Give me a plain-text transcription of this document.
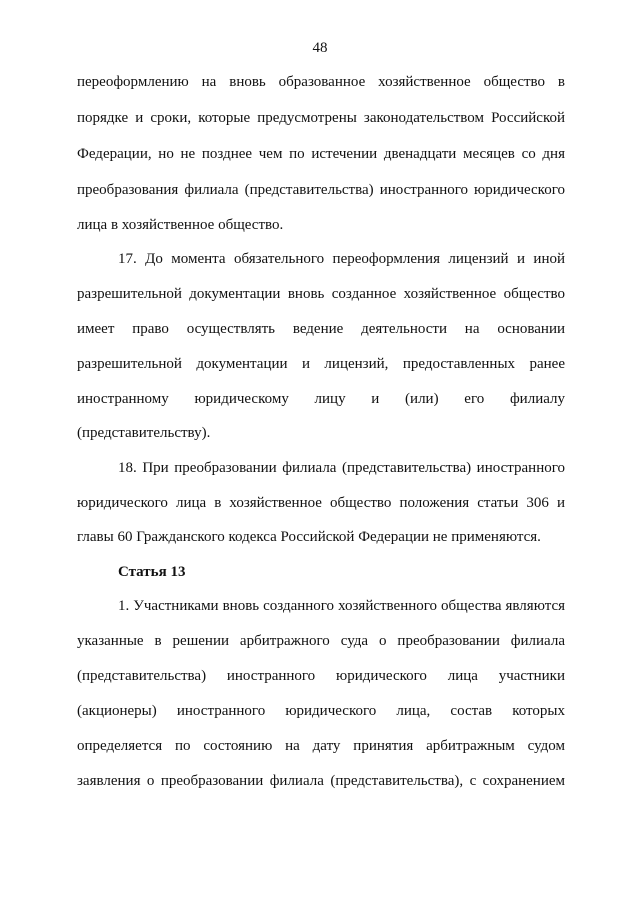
48
переоформлению на вновь образованное хозяйственное общество в
порядке и сроки, которые предусмотрены законодательством Российской
Федерации, но не позднее чем по истечении двенадцати месяцев со дня
преобразования филиала (представительства) иностранного юридического
лица в хозяйственное общество.
17. До момента обязательного переоформления лицензий и иной
разрешительной документации вновь созданное хозяйственное общество
имеет право осуществлять ведение деятельности на основании
разрешительной документации и лицензий, предоставленных ранее
иностранному юридическому лицу и (или) его филиалу
(представительству).
18. При преобразовании филиала (представительства) иностранного
юридического лица в хозяйственное общество положения статьи 306 и
главы 60 Гражданского кодекса Российской Федерации не применяются.
Статья 13
1. Участниками вновь созданного хозяйственного общества являются
указанные в решении арбитражного суда о преобразовании филиала
(представительства) иностранного юридического лица участники
(акционеры) иностранного юридического лица, состав которых
определяется по состоянию на дату принятия арбитражным судом
заявления о преобразовании филиала (представительства), с сохранением
